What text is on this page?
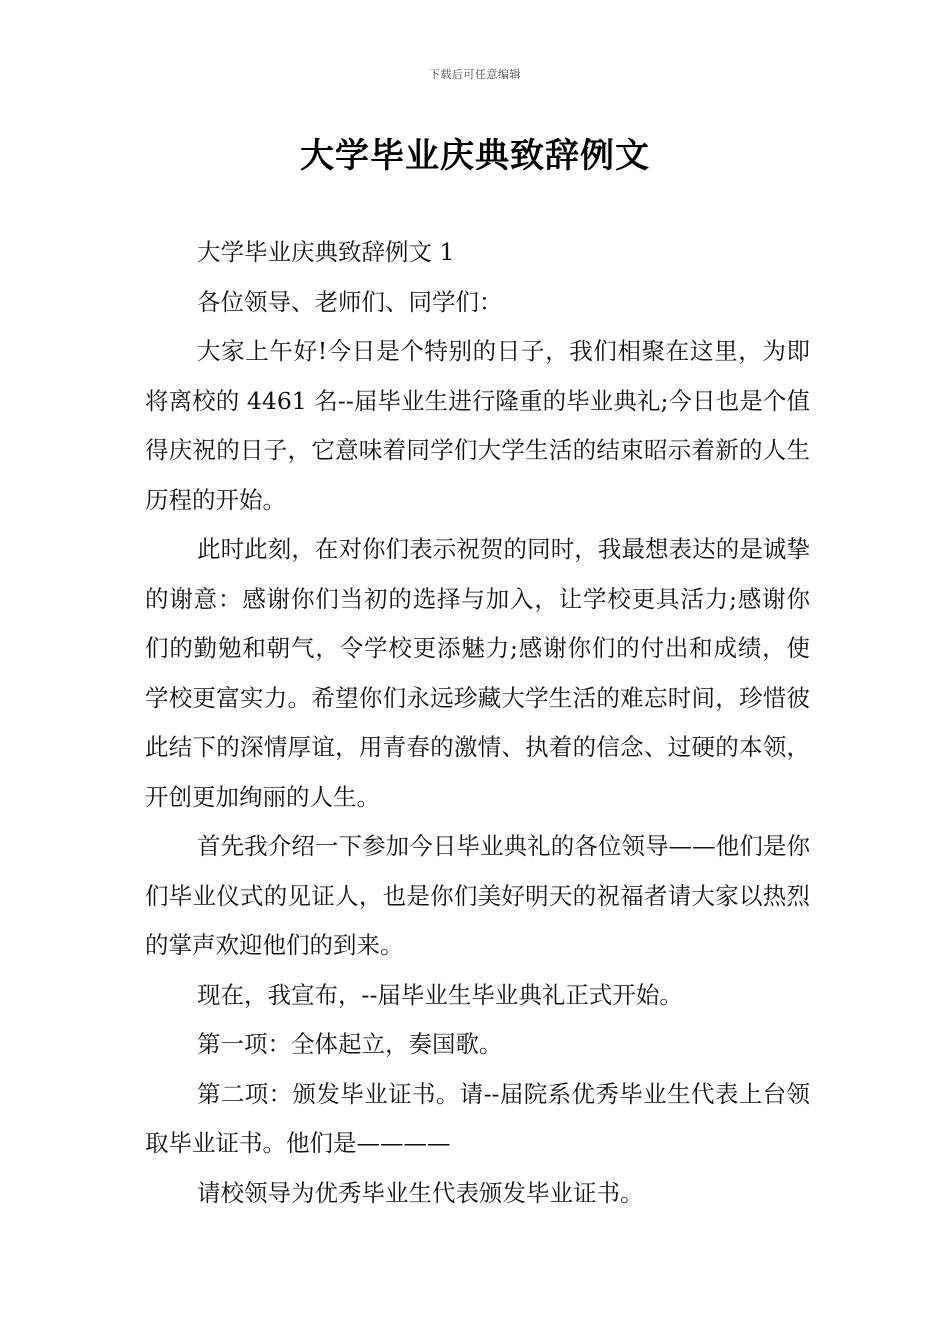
下载后可任意编辑
大学毕业庆典致辞例文

大学毕业庆典致辞例文 1

各位领导、老师们、同学们：

大家上午好!今日是个特别的日子，我们相聚在这里，为即将离校的 4461 名--届毕业生进行隆重的毕业典礼;今日也是个值得庆祝的日子，它意味着同学们大学生活的结束昭示着新的人生历程的开始。

此时此刻，在对你们表示祝贺的同时，我最想表达的是诚挚的谢意：感谢你们当初的选择与加入，让学校更具活力;感谢你们的勤勉和朝气，令学校更添魅力;感谢你们的付出和成绩，使学校更富实力。希望你们永远珍藏大学生活的难忘时间，珍惜彼此结下的深情厚谊，用青春的激情、执着的信念、过硬的本领，开创更加绚丽的人生。

首先我介绍一下参加今日毕业典礼的各位领导——他们是你们毕业仪式的见证人，也是你们美好明天的祝福者请大家以热烈的掌声欢迎他们的到来。

现在，我宣布，--届毕业生毕业典礼正式开始。

第一项：全体起立，奏国歌。

第二项：颁发毕业证书。请--届院系优秀毕业生代表上台领取毕业证书。他们是————

请校领导为优秀毕业生代表颁发毕业证书。
